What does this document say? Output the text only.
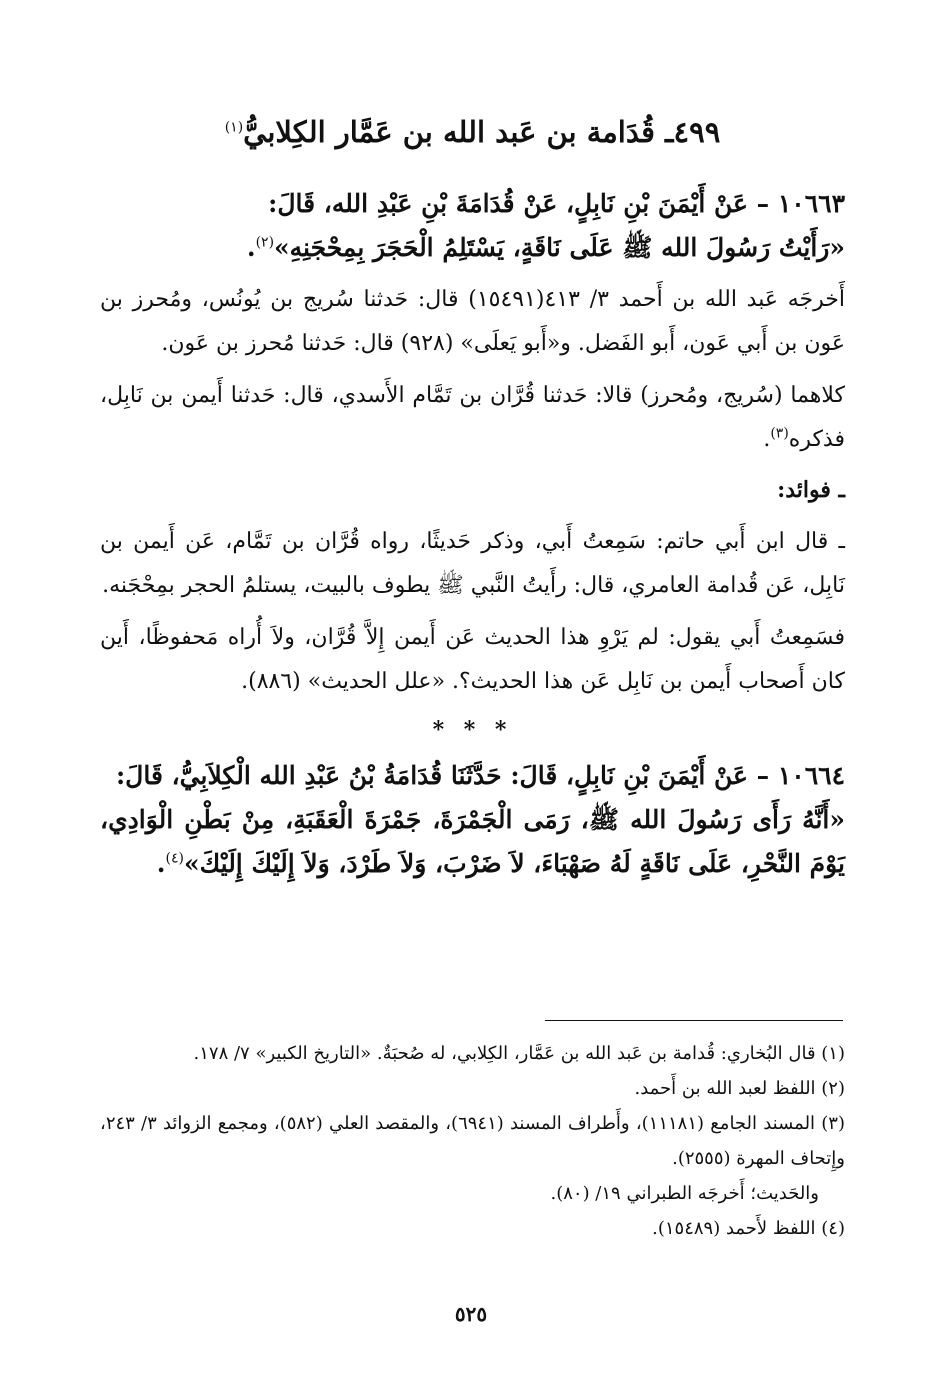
٤٩٩ـ قُدَامة بن عَبد الله بن عَمَّار الكِلابيُّ$^{(١)}$

١٠٦٦٣ – عَنْ أَيْمَنَ بْنِ نَابِلٍ، عَنْ قُدَامَةَ بْنِ عَبْدِ الله، قَالَ:

«رَأَيْتُ رَسُولَ الله ﷺ عَلَى نَاقَةٍ، يَسْتَلِمُ الْحَجَرَ بِمِحْجَنِهِ»$^{(٢)}$.

أَخرجَه عَبد الله بن أَحمد ٣/ ٤١٣(١٥٤٩١) قال: حَدثنا سُريج بن يُونُس، ومُحرز بن عَون بن أَبي عَون، أَبو الفَضل. و«أَبو يَعلَى» (٩٢٨) قال: حَدثنا مُحرز بن عَون.

كلاهما (سُريج، ومُحرز) قالا: حَدثنا قُرَّان بن تَمَّام الأَسدي، قال: حَدثنا أَيمن بن نَابِل، فذكره$^{(٣)}$.

ـ فوائد:

ـ قال ابن أَبي حاتم: سَمِعتُ أَبي، وذكر حَديثًا، رواه قُرَّان بن تَمَّام، عَن أَيمن بن نَابِل، عَن قُدامة العامري، قال: رأَيتُ النَّبي ﷺ يطوف بالبيت، يستلمُ الحجر بمِحْجَنه.

فسَمِعتُ أَبي يقول: لم يَرْوِ هذا الحديث عَن أَيمن إِلاَّ قُرَّان، ولاَ أُراه مَحفوظًا، أَين كان أَصحاب أَيمن بن نَابِل عَن هذا الحديث؟. «علل الحديث» (٨٨٦).

* * *

١٠٦٦٤ – عَنْ أَيْمَنَ بْنِ نَابِلٍ، قَالَ: حَدَّثَنَا قُدَامَةُ بْنُ عَبْدِ الله الْكِلاَبِيُّ، قَالَ:

«أَنَّهُ رَأَى رَسُولَ الله ﷺ، رَمَى الْجَمْرَةَ، جَمْرَةَ الْعَقَبَةِ، مِنْ بَطْنِ الْوَادِي، يَوْمَ النَّحْرِ، عَلَى نَاقَةٍ لَهُ صَهْبَاءَ، لاَ ضَرْبَ، وَلاَ طَرْدَ، وَلاَ إِلَيْكَ إِلَيْكَ»$^{(٤)}$.

(١) قال البُخاري: قُدامة بن عَبد الله بن عَمَّار، الكِلابي، له صُحبَةٌ. «التاريخ الكبير» ٧/ ١٧٨.

(٢) اللفظ لعبد الله بن أَحمد.

(٣) المسند الجامع (١١١٨١)، وأَطراف المسند (٦٩٤١)، والمقصد العلي (٥٨٢)، ومجمع الزوائد ٣/ ٢٤٣، وإِتحاف المهرة (٢٥٥٥).

والحَديث؛ أَخرجَه الطبراني ١٩/ (٨٠).

(٤) اللفظ لأَحمد (١٥٤٨٩).

٥٢٥
